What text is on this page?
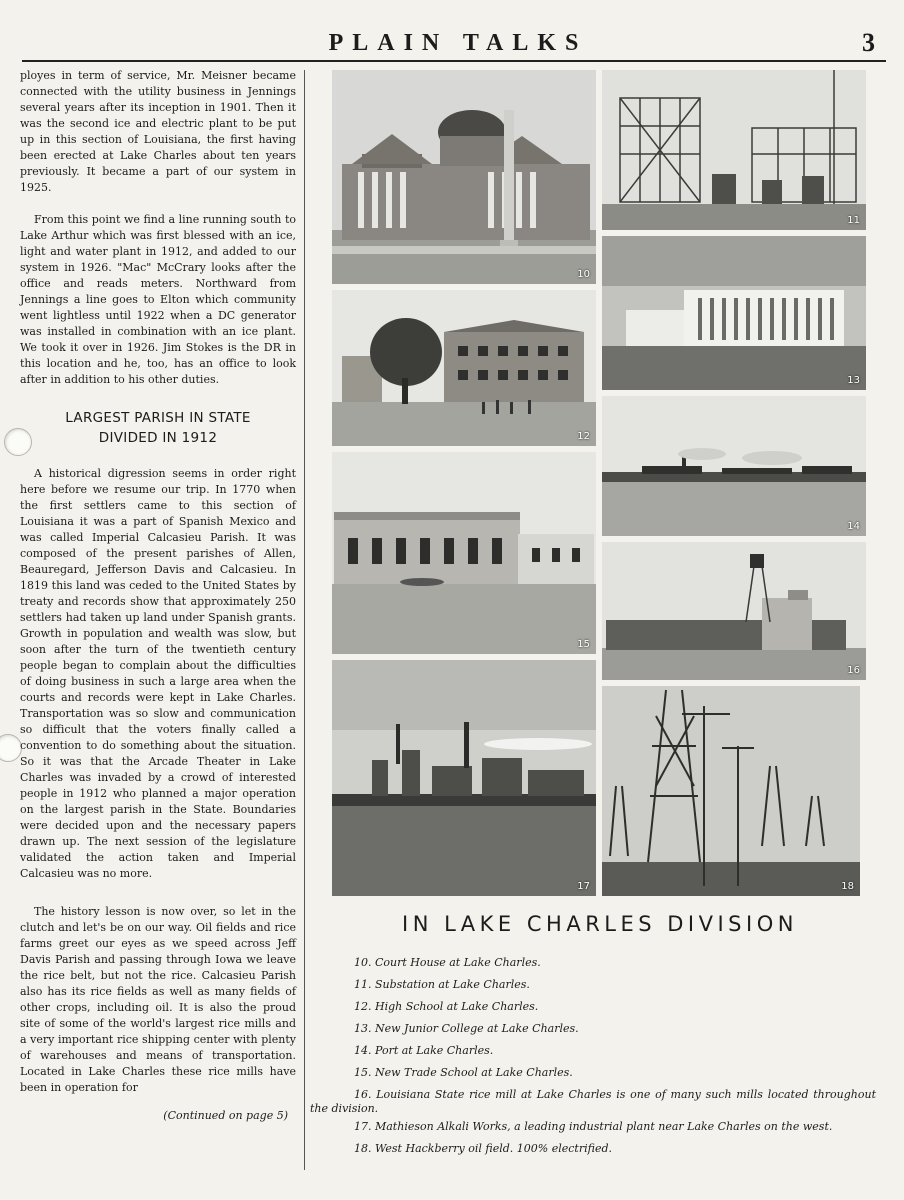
PLAIN TALKS	3

ployes in term of service, Mr. Meisner became connected with the utility business in Jennings several years after its inception in 1901. Then it was the second ice and electric plant to be put up in this section of Louisiana, the first having been erected at Lake Charles about ten years previously. It became a part of our system in 1925.

From this point we find a line running south to Lake Arthur which was first blessed with an ice, light and water plant in 1912, and added to our system in 1926. "Mac" McCrary looks after the office and reads meters. Northward from Jennings a line goes to Elton which community went lightless until 1922 when a DC generator was installed in combination with an ice plant. We took it over in 1926. Jim Stokes is the DR in this location and he, too, has an office to look after in addition to his other duties.

LARGEST PARISH IN STATE
DIVIDED IN 1912

A historical digression seems in order right here before we resume our trip. In 1770 when the first settlers came to this section of Louisiana it was a part of Spanish Mexico and was called Imperial Calcasieu Parish. It was composed of the present parishes of Allen, Beauregard, Jefferson Davis and Calcasieu. In 1819 this land was ceded to the United States by treaty and records show that approximately 250 settlers had taken up land under Spanish grants. Growth in population and wealth was slow, but soon after the turn of the twentieth century people began to complain about the difficulties of doing business in such a large area when the courts and records were kept in Lake Charles. Transportation was so slow and communication so difficult that the voters finally called a convention to do something about the situation. So it was that the Arcade Theater in Lake Charles was invaded by a crowd of interested people in 1912 who planned a major operation on the largest parish in the State. Boundaries were decided upon and the necessary papers drawn up. The next session of the legislature validated the action taken and Imperial Calcasieu was no more.

The history lesson is now over, so let in the clutch and let's be on our way. Oil fields and rice farms greet our eyes as we speed across Jeff Davis Parish and passing through Iowa we leave the rice belt, but not the rice. Calcasieu Parish also has its rice fields as well as many fields of other crops, including oil. It is also the proud site of some of the world's largest rice mills and a very important rice shipping center with plenty of warehouses and means of transportation. Located in Lake Charles these rice mills have been in operation for

(Continued on page 5)

10
11
12
13
14
15
16
17	18
IN LAKE CHARLES DIVISION
10. Court House at Lake Charles.
11. Substation at Lake Charles.
12. High School at Lake Charles.
13. New Junior College at Lake Charles.
14. Port at Lake Charles.
15. New Trade School at Lake Charles.
16. Louisiana State rice mill at Lake Charles is one of many such mills located throughout the division.
17. Mathieson Alkali Works, a leading industrial plant near Lake Charles on the west.
18. West Hackberry oil field. 100% electrified.
